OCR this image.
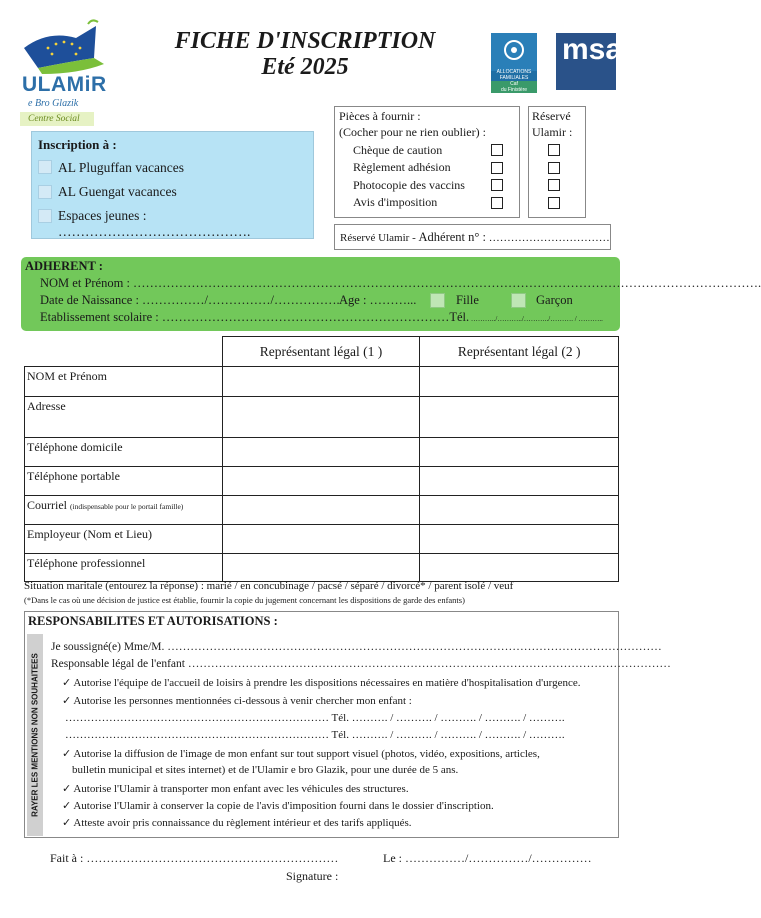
ULAMiR
e Bro Glazik
Centre Social
FICHE D'INSCRIPTION
Eté 2025	ALLOCATIONS FAMILIALES
Caf
du Finistère
msa
Inscription à :
AL Pluguffan vacances
AL Guengat vacances
Espaces jeunes : …………………………………….
Pièces à fournir :
(Cocher pour ne rien oublier) :
Chèque de caution
Règlement adhésion
Photocopie des vaccins
Avis d'imposition
Réservé
Ulamir :
Réservé Ulamir - Adhérent n° : ……………………………
ADHERENT :
NOM et Prénom : …………………………………………………………………………………………………………………………………….
Date de Naissance : ……………/……………/……………. Age : ………...	Fille	Garçon
Etablissement scolaire : ……………………………………………………………Tél. ………../………../………../………. / ………..
	Représentant légal (1 )	Représentant légal (2 )
NOM et Prénom		
Adresse		
Téléphone domicile		
Téléphone portable		
Courriel (indispensable pour le portail famille)		
Employeur (Nom et Lieu)		
Téléphone professionnel		
Situation maritale (entourez la réponse) : marié / en concubinage / pacsé / séparé / divorcé* / parent isolé / veuf
(*Dans le cas où une décision de justice est établie, fournir la copie du jugement concernant les dispositions de garde des enfants)
RESPONSABILITES ET AUTORISATIONS :
RAYER LES MENTIONS NON SOUHAITEES
Je soussigné(e) Mme/M. …………………………………………………………………………………………………………………
Responsable légal de l'enfant ………………………………………………………………………………………………………………
✓ Autorise l'équipe de l'accueil de loisirs à prendre les dispositions nécessaires en matière d'hospitalisation d'urgence.
✓ Autorise les personnes mentionnées ci-dessous à venir chercher mon enfant :
……………………………………………………………… Tél. ………. / ………. / ………. / ………. / ……….
……………………………………………………………… Tél. ………. / ………. / ………. / ………. / ……….
✓ Autorise la diffusion de l'image de mon enfant sur tout support visuel (photos, vidéo, expositions, articles,
bulletin municipal et sites internet) et de l'Ulamir e bro Glazik, pour une durée de 5 ans.
✓ Autorise l'Ulamir à transporter mon enfant avec les véhicules des structures.
✓ Autorise l'Ulamir à conserver la copie de l'avis d'imposition fourni dans le dossier d'inscription.
✓ Atteste avoir pris connaissance du règlement intérieur et des tarifs appliqués.
Fait à : ………………………………………………………	Le : ……………/……………/……………
Signature :
